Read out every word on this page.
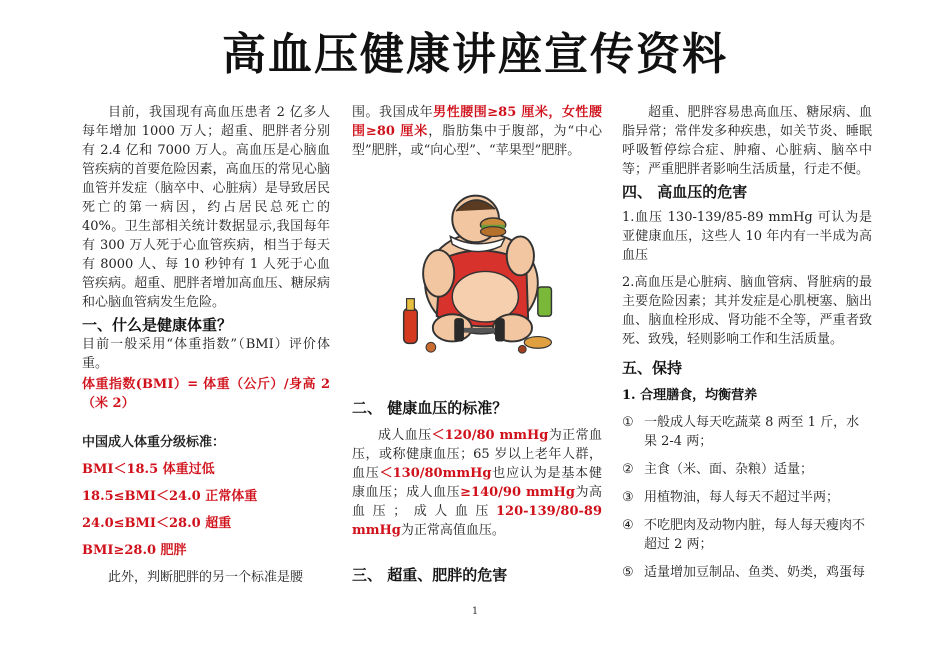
高血压健康讲座宣传资料

目前，我国现有高血压患者 2 亿多人每年增加 1000 万人；超重、肥胖者分别有 2.4 亿和 7000 万人。高血压是心脑血管疾病的首要危险因素，高血压的常见心脑血管并发症（脑卒中、心脏病）是导致居民死亡的第一病因，约占居民总死亡的 40%。卫生部相关统计数据显示,我国每年有 300 万人死于心血管疾病，相当于每天有 8000 人、每 10 秒钟有 1 人死于心血管疾病。超重、肥胖者增加高血压、糖尿病和心脑血管病发生危险。

一、什么是健康体重？

目前一般采用“体重指数”（BMI）评价体重。

体重指数(BMI）= 体重（公斤）/身高 2（米 2）

中国成人体重分级标准：

BMI＜18.5 体重过低

18.5≤BMI＜24.0 正常体重

24.0≤BMI＜28.0 超重

BMI≥28.0 肥胖

此外，判断肥胖的另一个标准是腰

围。我国成年男性腰围≥85 厘米，女性腰围≥80 厘米，脂肪集中于腹部，为“中心型”肥胖，或“向心型”、“苹果型”肥胖。

二、 健康血压的标准？

成人血压＜120/80 mmHg为正常血压，或称健康血压；65 岁以上老年人群，血压＜130/80mmHg也应认为是基本健康血压；成人血压≥140/90 mmHg为高血压；成人血压120-139/80-89 mmHg为正常高值血压。

三、 超重、肥胖的危害

超重、肥胖容易患高血压、糖尿病、血脂异常；常伴发多种疾患，如关节炎、睡眠呼吸暂停综合症、肿瘤、心脏病、脑卒中等；严重肥胖者影响生活质量，行走不便。

四、 高血压的危害

1.血压 130-139/85-89 mmHg 可认为是亚健康血压，这些人 10 年内有一半成为高血压

2.高血压是心脏病、脑血管病、肾脏病的最主要危险因素；其并发症是心肌梗塞、脑出血、脑血栓形成、肾功能不全等，严重者致死、致残，轻则影响工作和生活质量。

五、保持
1. 合理膳食，均衡营养
① 一般成人每天吃蔬菜 8 两至 1 斤，水果 2-4 两；
② 主食（米、面、杂粮）适量；
③ 用植物油，每人每天不超过半两；
④ 不吃肥肉及动物内脏，每人每天瘦肉不超过 2 两；
⑤ 适量增加豆制品、鱼类、奶类，鸡蛋每
1
